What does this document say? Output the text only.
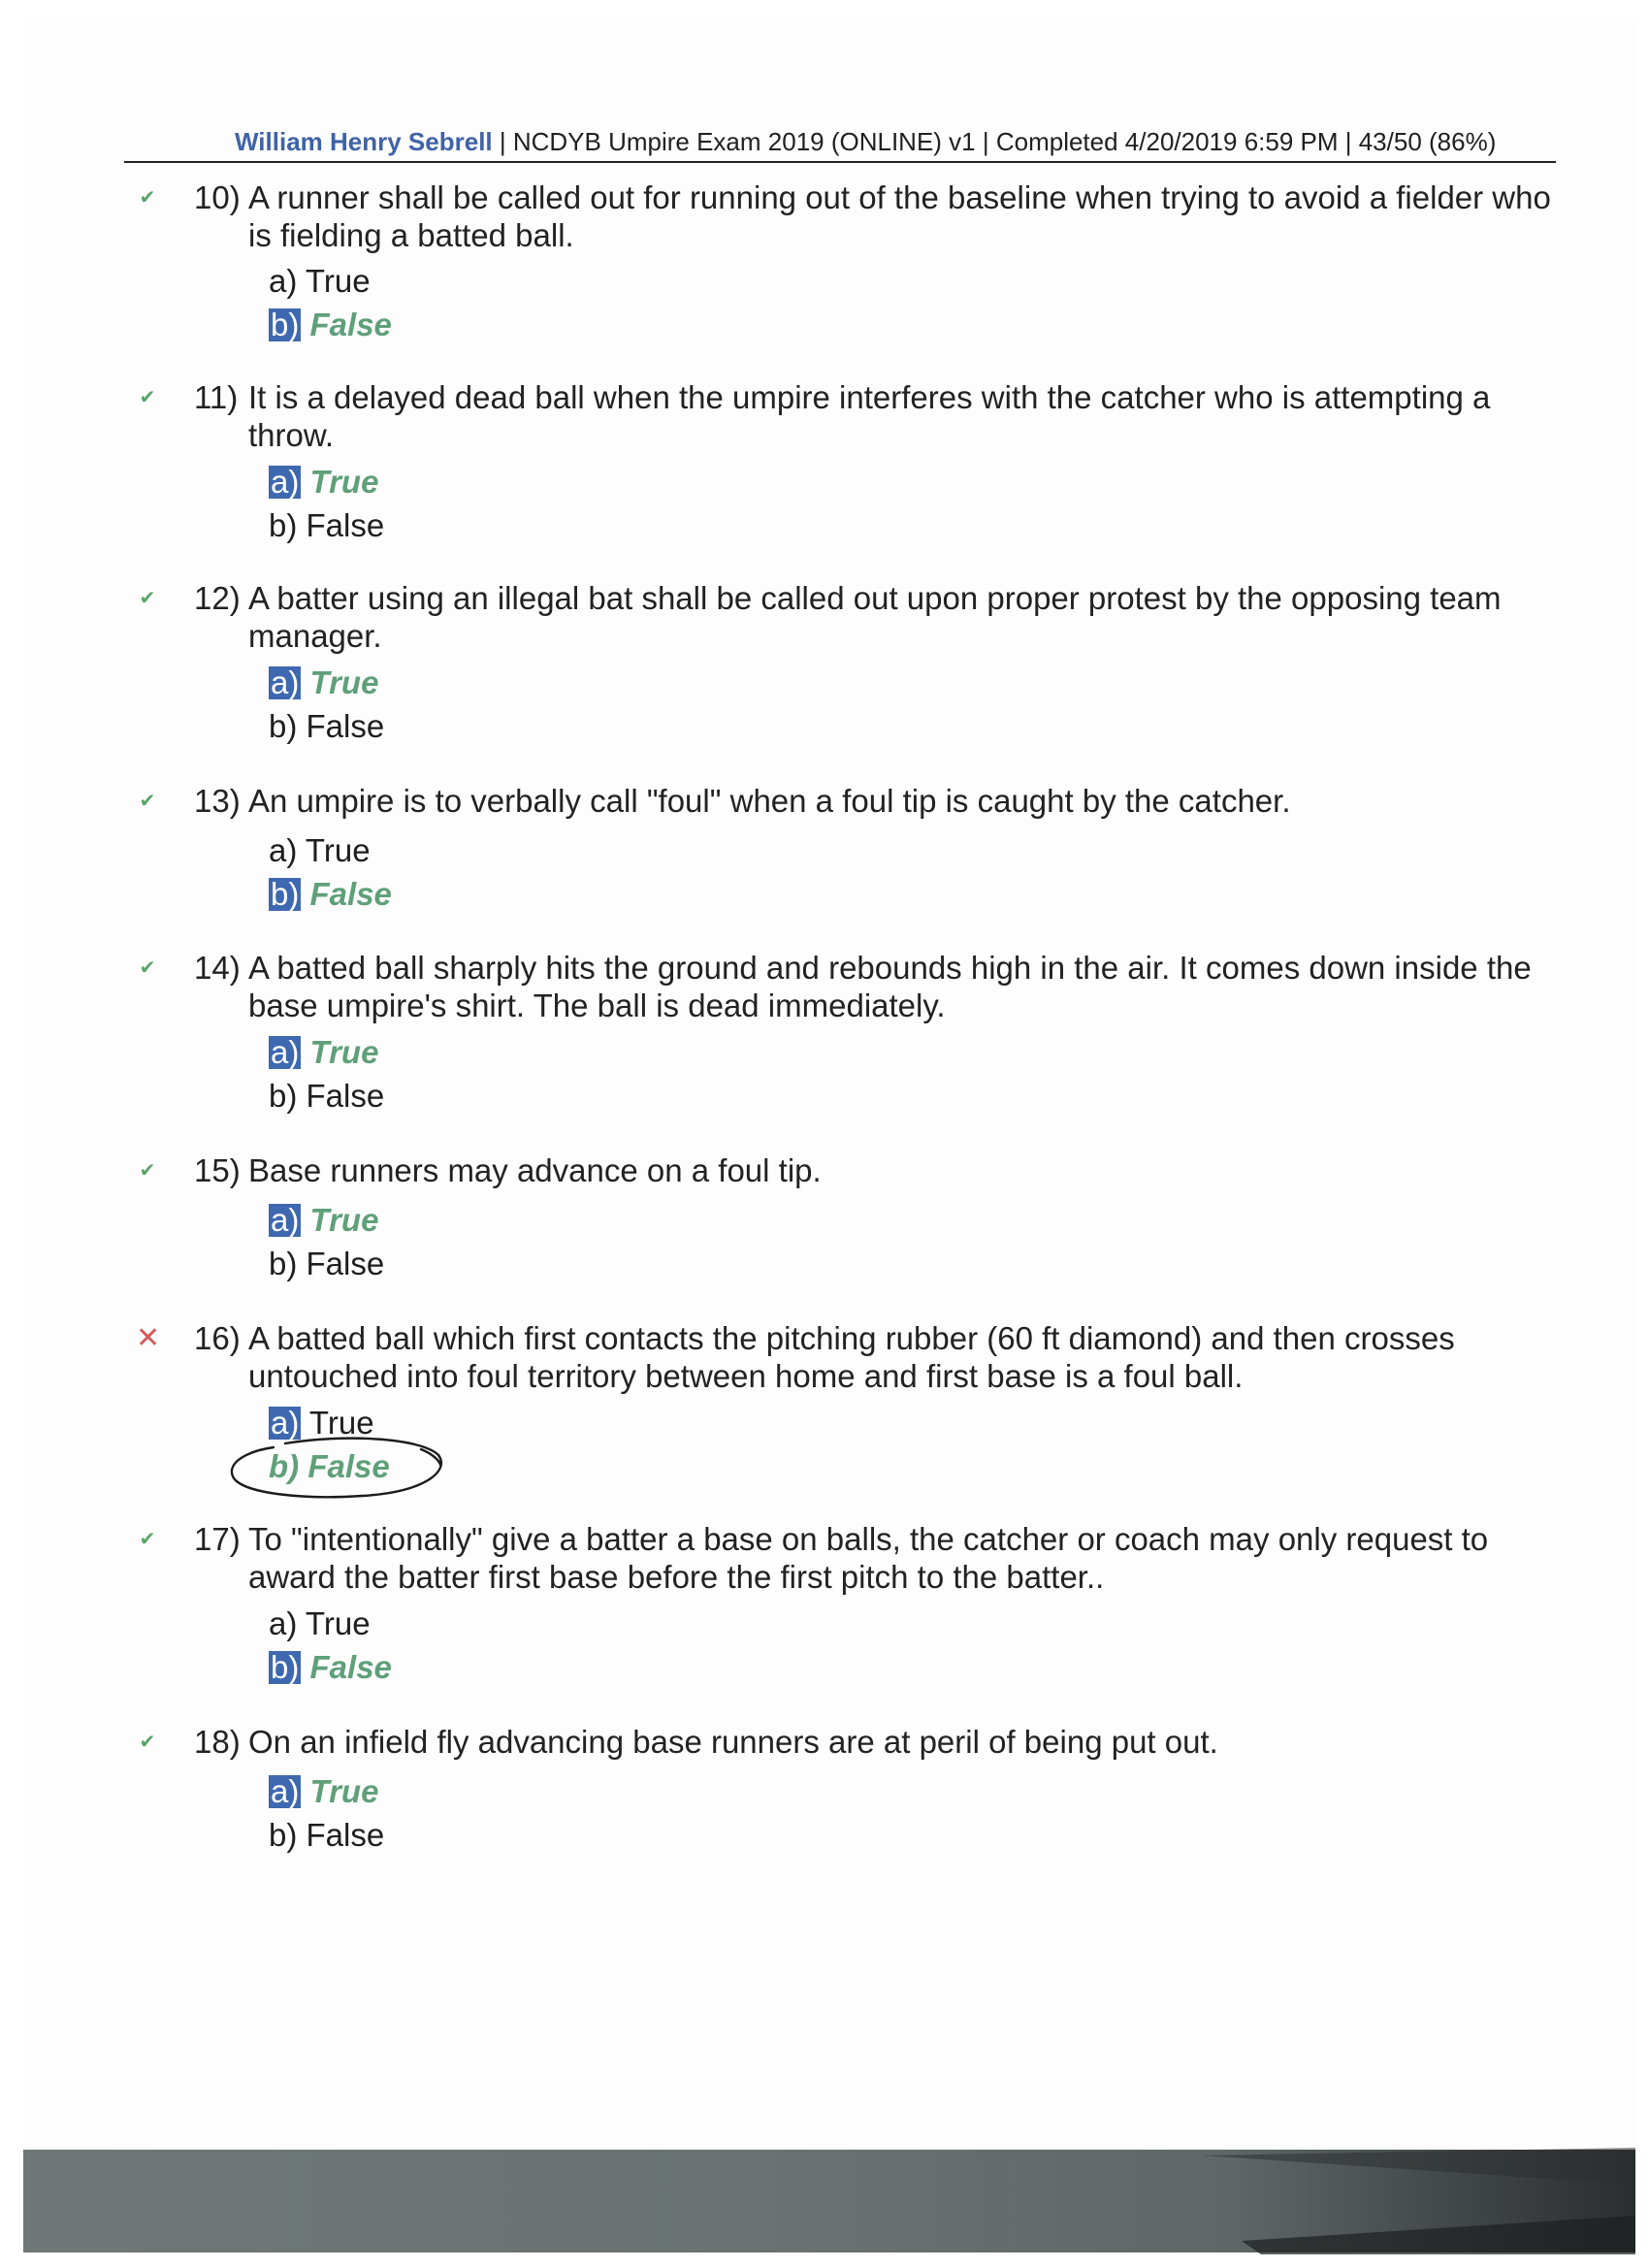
William Henry Sebrell | NCDYB Umpire Exam 2019 (ONLINE) v1 | Completed 4/20/2019 6:59 PM | 43/50 (86%)
✔ 10) A runner shall be called out for running out of the baseline when trying to avoid a fielder who
is fielding a batted ball.
a) True
b) False
✔ 11) It is a delayed dead ball when the umpire interferes with the catcher who is attempting a
throw.
a) True
b) False
✔ 12) A batter using an illegal bat shall be called out upon proper protest by the opposing team
manager.
a) True
b) False
✔ 13) An umpire is to verbally call "foul" when a foul tip is caught by the catcher.
a) True
b) False
✔ 14) A batted ball sharply hits the ground and rebounds high in the air. It comes down inside the
base umpire's shirt. The ball is dead immediately.
a) True
b) False
✔ 15) Base runners may advance on a foul tip.
a) True
b) False
✕ 16) A batted ball which first contacts the pitching rubber (60 ft diamond) and then crosses
untouched into foul territory between home and first base is a foul ball.
a) True
b) False
✔ 17) To "intentionally" give a batter a base on balls, the catcher or coach may only request to
award the batter first base before the first pitch to the batter..
a) True
b) False
✔ 18) On an infield fly advancing base runners are at peril of being put out.
a) True
b) False
